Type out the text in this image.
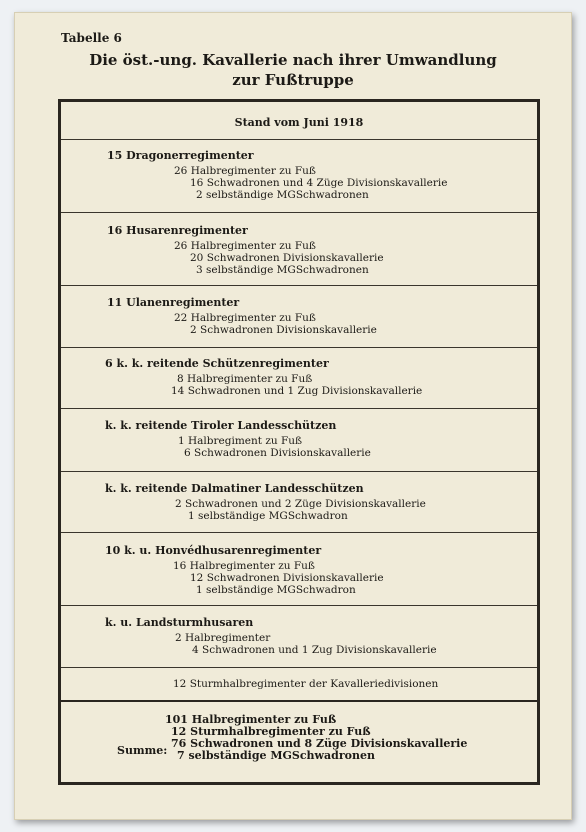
Tabelle 6
Die öst.-ung. Kavallerie nach ihrer Umwandlung
zur Fußtruppe
Stand vom Juni 1918
15 Dragonerregimenter
26 Halbregimenter zu Fuß
16 Schwadronen und 4 Züge Divisionskavallerie
2 selbständige MGSchwadronen
16 Husarenregimenter
26 Halbregimenter zu Fuß
20 Schwadronen Divisionskavallerie
3 selbständige MGSchwadronen
11 Ulanenregimenter
22 Halbregimenter zu Fuß
2 Schwadronen Divisionskavallerie
6 k. k. reitende Schützenregimenter
8 Halbregimenter zu Fuß
14 Schwadronen und 1 Zug Divisionskavallerie
k. k. reitende Tiroler Landesschützen
1 Halbregiment zu Fuß
6 Schwadronen Divisionskavallerie
k. k. reitende Dalmatiner Landesschützen
2 Schwadronen und 2 Züge Divisionskavallerie
1 selbständige MGSchwadron
10 k. u. Honvédhusarenregimenter
16 Halbregimenter zu Fuß
12 Schwadronen Divisionskavallerie
1 selbständige MGSchwadron
k. u. Landsturmhusaren
2 Halbregimenter
4 Schwadronen und 1 Zug Divisionskavallerie
12 Sturmhalbregimenter der Kavalleriedivisionen
Summe:
101 Halbregimenter zu Fuß
12 Sturmhalbregimenter zu Fuß
76 Schwadronen und 8 Züge Divisionskavallerie
7 selbständige MGSchwadronen
